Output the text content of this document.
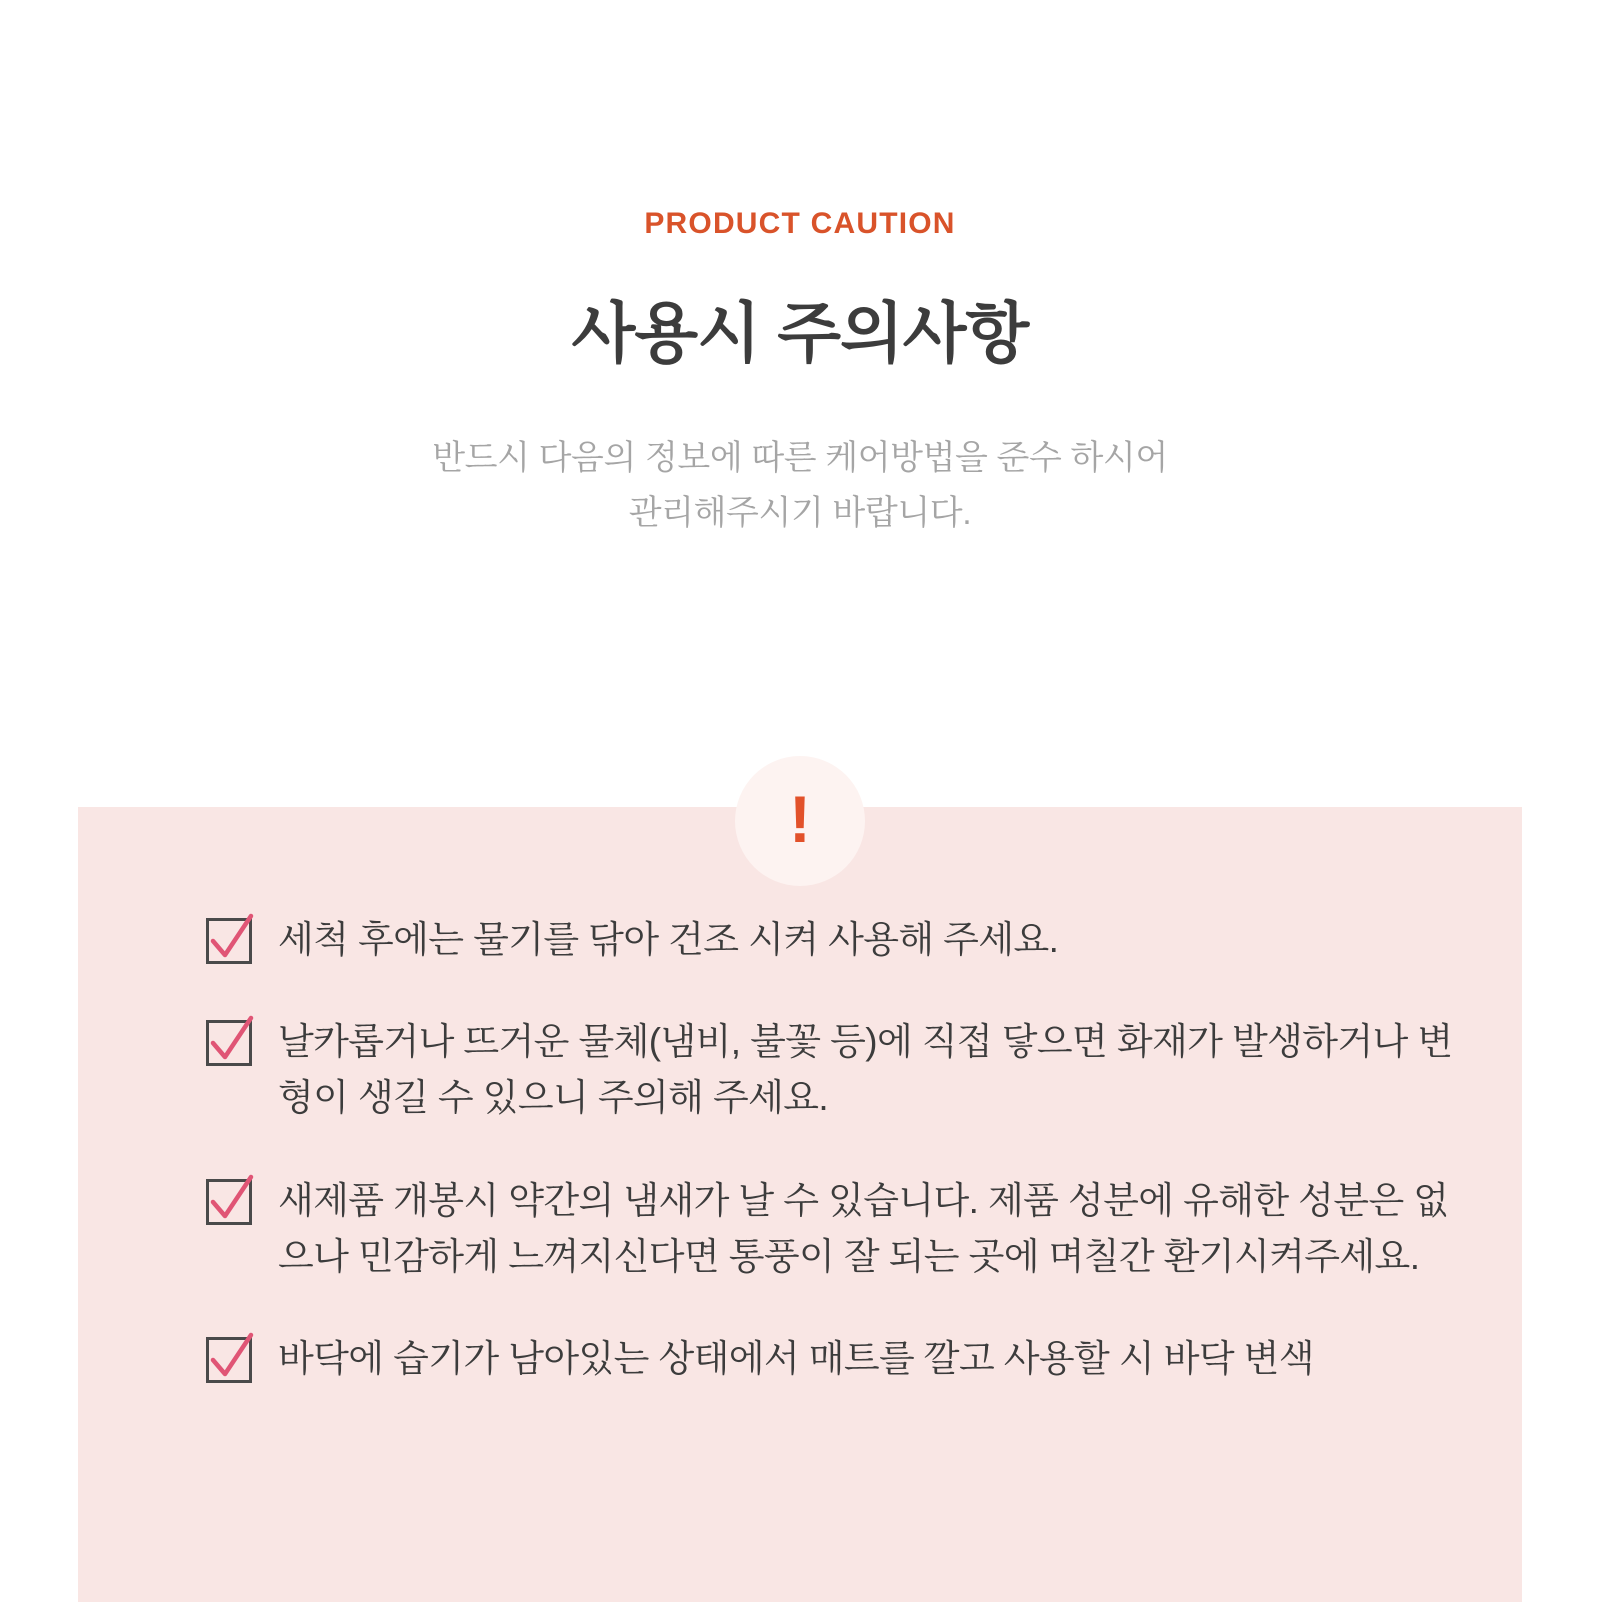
PRODUCT CAUTION
사용시 주의사항
반드시 다음의 정보에 따른 케어방법을 준수 하시어
관리해주시기 바랍니다.
!
세척 후에는 물기를 닦아 건조 시켜 사용해 주세요.
날카롭거나 뜨거운 물체(냄비, 불꽃 등)에 직접 닿으면 화재가 발생하거나 변형이 생길 수 있으니 주의해 주세요.
새제품 개봉시 약간의 냄새가 날 수 있습니다. 제품 성분에 유해한 성분은 없으나 민감하게 느껴지신다면 통풍이 잘 되는 곳에 며칠간 환기시켜주세요.
바닥에 습기가 남아있는 상태에서 매트를 깔고 사용할 시 바닥 변색
